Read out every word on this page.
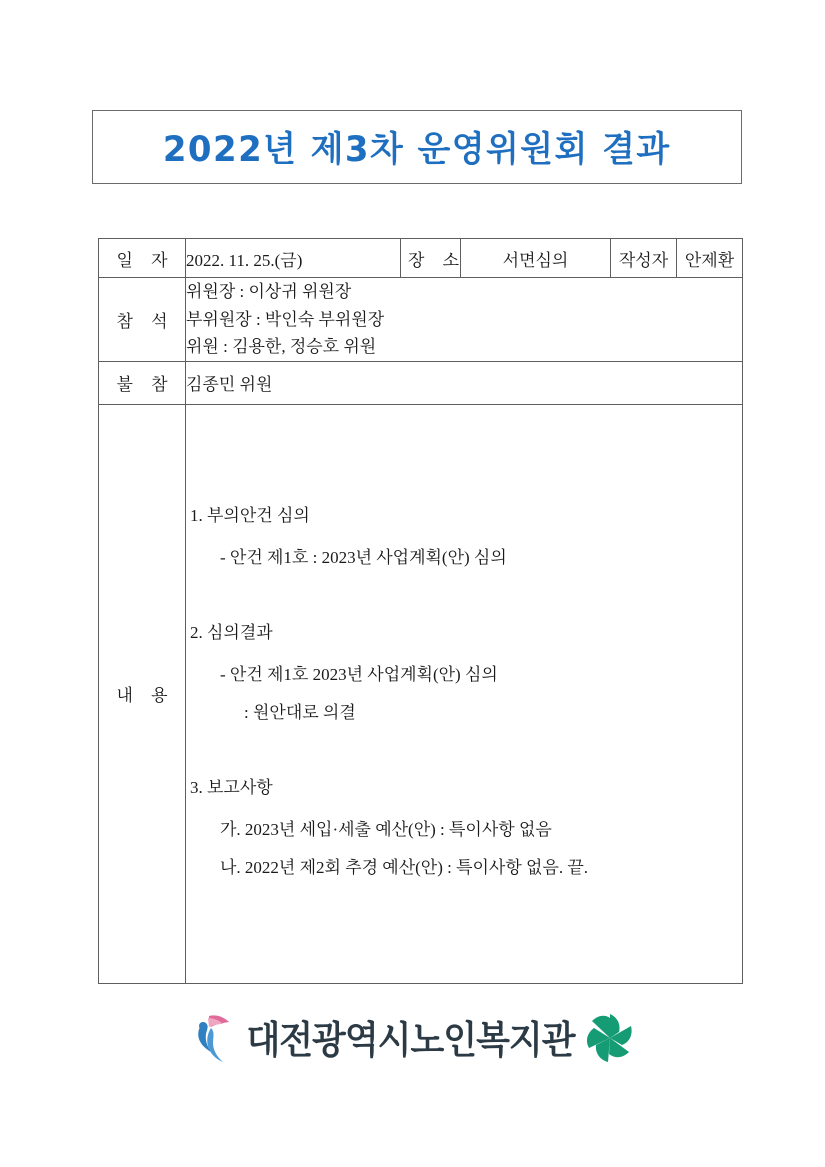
2022년 제3차 운영위원회 결과
일 자	2022. 11. 25.(금)	장 소	서면심의	작성자	안제환
참 석	위원장 : 이상귀 위원장
부위원장 : 박인숙 부위원장
위원 : 김용한, 정승호 위원				

불 참	김종민 위원				
내 용	

1. 부의안건 심의

- 안건 제1호 : 2023년 사업계획(안) 심의

2. 심의결과

- 안건 제1호 2023년 사업계획(안) 심의

: 원안대로 의결

3. 보고사항

가. 2023년 세입·세출 예산(안) : 특이사항 없음

나. 2022년 제2회 추경 예산(안) : 특이사항 없음. 끝.

대전광역시노인복지관
